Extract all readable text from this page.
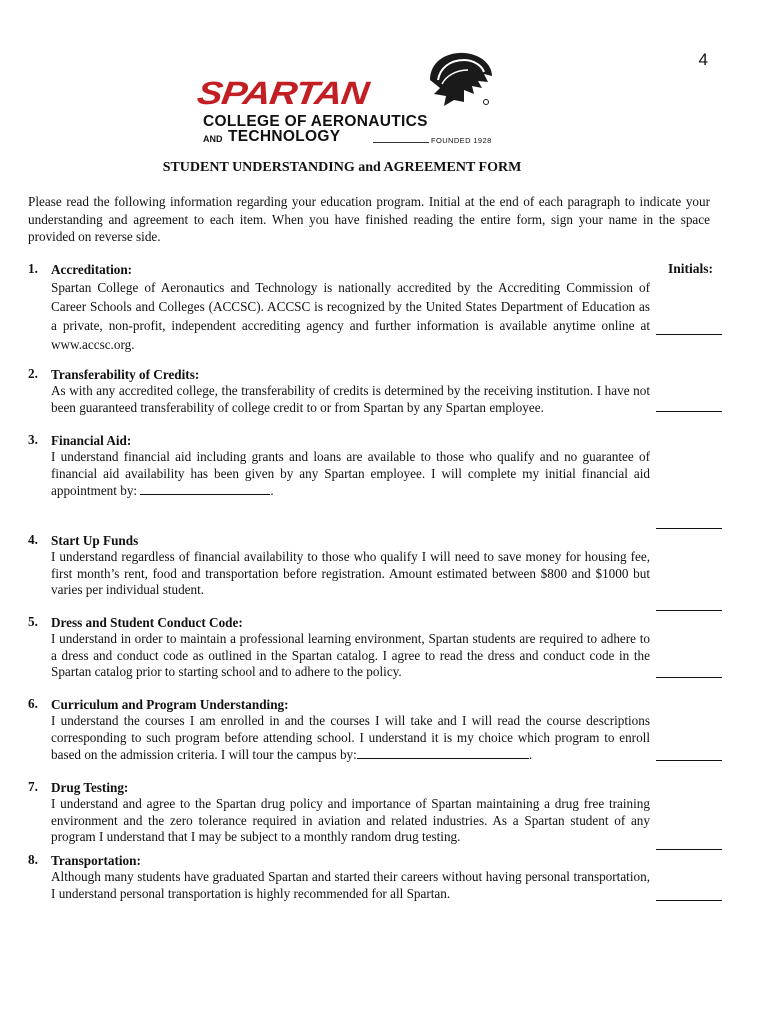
4
SPARTAN
COLLEGE OF AERONAUTICS
AND TECHNOLOGY	FOUNDED 1928
STUDENT UNDERSTANDING and AGREEMENT FORM

Please read the following information regarding your education program. Initial at the end of each paragraph to indicate your understanding and agreement to each item. When you have finished reading the entire form, sign your name in the space provided on reverse side.

Initials:
1. Accreditation:

Spartan College of Aeronautics and Technology is nationally accredited by the Accrediting Commission of Career Schools and Colleges (ACCSC). ACCSC is recognized by the United States Department of Education as a private, non-profit, independent accrediting agency and further information is available anytime online at www.accsc.org.

2. Transferability of Credits:

As with any accredited college, the transferability of credits is determined by the receiving institution. I have not been guaranteed transferability of college credit to or from Spartan by any Spartan employee.

3. Financial Aid:

I understand financial aid including grants and loans are available to those who qualify and no guarantee of financial aid availability has been given by any Spartan employee. I will complete my initial financial aid appointment by:	.

4. Start Up Funds

I understand regardless of financial availability to those who qualify I will need to save money for housing fee, first month’s rent, food and transportation before registration. Amount estimated between $800 and $1000 but varies per individual student.

5. Dress and Student Conduct Code:

I understand in order to maintain a professional learning environment, Spartan students are required to adhere to a dress and conduct code as outlined in the Spartan catalog. I agree to read the dress and conduct code in the Spartan catalog prior to starting school and to adhere to the policy.

6. Curriculum and Program Understanding:

I understand the courses I am enrolled in and the courses I will take and I will read the course descriptions corresponding to such program before attending school. I understand it is my choice which program to enroll based on the admission criteria. I will tour the campus by:	.

7. Drug Testing:

I understand and agree to the Spartan drug policy and importance of Spartan maintaining a drug free training environment and the zero tolerance required in aviation and related industries. As a Spartan student of any program I understand that I may be subject to a monthly random drug testing.

8. Transportation:

Although many students have graduated Spartan and started their careers without having personal transportation, I understand personal transportation is highly recommended for all Spartan.
